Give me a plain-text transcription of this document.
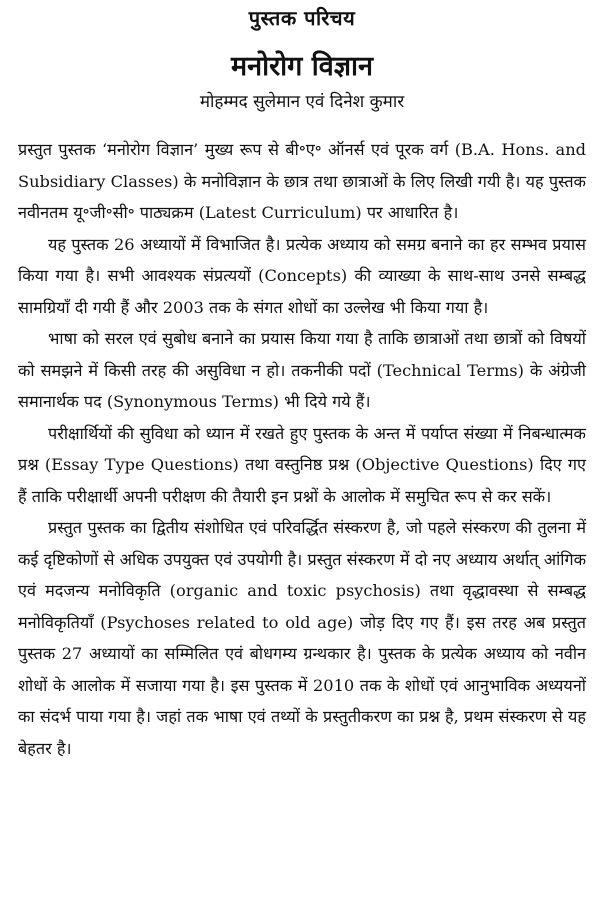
पुस्तक परिचय
मनोरोग विज्ञान
मोहम्मद सुलेमान एवं दिनेश कुमार

प्रस्तुत पुस्तक ‘मनोरोग विज्ञान’ मुख्य रूप से बी॰ए॰ ऑनर्स एवं पूरक वर्ग (B.A. Hons. and Subsidiary Classes) के मनोविज्ञान के छात्र तथा छात्राओं के लिए लिखी गयी है। यह पुस्तक नवीनतम यू॰जी॰सी॰ पाठ्यक्रम (Latest Curriculum) पर आधारित है।

यह पुस्तक 26 अध्यायों में विभाजित है। प्रत्येक अध्याय को समग्र बनाने का हर सम्भव प्रयास किया गया है। सभी आवश्यक संप्रत्ययों (Concepts) की व्याख्या के साथ-साथ उनसे सम्बद्ध सामग्रियाँ दी गयी हैं और 2003 तक के संगत शोधों का उल्लेख भी किया गया है।

भाषा को सरल एवं सुबोध बनाने का प्रयास किया गया है ताकि छात्राओं तथा छात्रों को विषयों को समझने में किसी तरह की असुविधा न हो। तकनीकी पदों (Technical Terms) के अंग्रेजी समानार्थक पद (Synonymous Terms) भी दिये गये हैं।

परीक्षार्थियों की सुविधा को ध्यान में रखते हुए पुस्तक के अन्त में पर्याप्त संख्या में निबन्धात्मक प्रश्न (Essay Type Questions) तथा वस्तुनिष्ठ प्रश्न (Objective Questions) दिए गए हैं ताकि परीक्षार्थी अपनी परीक्षण की तैयारी इन प्रश्नों के आलोक में समुचित रूप से कर सकें।

प्रस्तुत पुस्तक का द्वितीय संशोधित एवं परिवर्द्धित संस्करण है, जो पहले संस्करण की तुलना में कई दृष्टिकोणों से अधिक उपयुक्त एवं उपयोगी है। प्रस्तुत संस्करण में दो नए अध्याय अर्थात् आंगिक एवं मदजन्य मनोविकृति (organic and toxic psychosis) तथा वृद्धावस्था से सम्बद्ध मनोविकृतियाँ (Psychoses related to old age) जोड़ दिए गए हैं। इस तरह अब प्रस्तुत पुस्तक 27 अध्यायों का सम्मिलित एवं बोधगम्य ग्रन्थकार है। पुस्तक के प्रत्येक अध्याय को नवीन शोधों के आलोक में सजाया गया है। इस पुस्तक में 2010 तक के शोधों एवं आनुभाविक अध्ययनों का संदर्भ पाया गया है। जहां तक भाषा एवं तथ्यों के प्रस्तुतीकरण का प्रश्न है, प्रथम संस्करण से यह बेहतर है।
